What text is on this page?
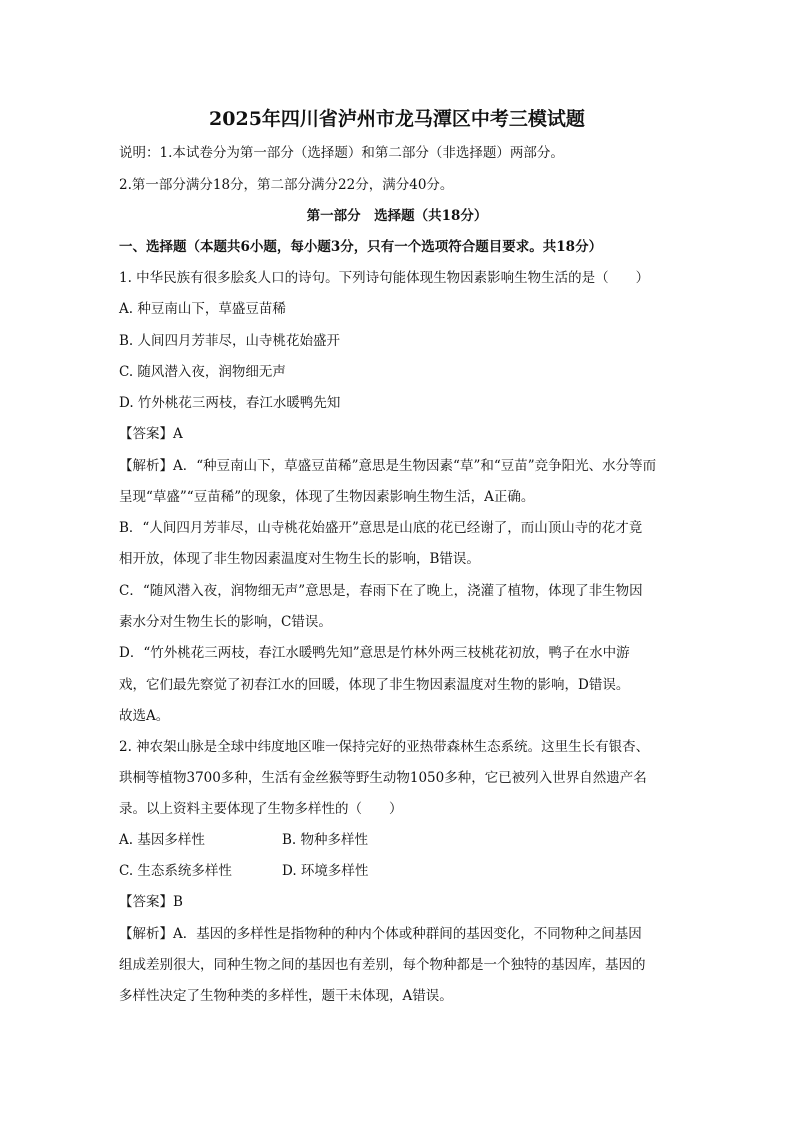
2025年四川省泸州市龙马潭区中考三模试题
说明：1.本试卷分为第一部分（选择题）和第二部分（非选择题）两部分。
2.第一部分满分18分，第二部分满分22分，满分40分。
第一部分　选择题（共18分）
一、选择题（本题共6小题，每小题3分，只有一个选项符合题目要求。共18分）
1. 中华民族有很多脍炙人口的诗句。下列诗句能体现生物因素影响生物生活的是（　　）
A. 种豆南山下，草盛豆苗稀
B. 人间四月芳菲尽，山寺桃花始盛开
C. 随风潜入夜，润物细无声
D. 竹外桃花三两枝，春江水暖鸭先知
【答案】A
【解析】A．“种豆南山下，草盛豆苗稀”意思是生物因素“草”和“豆苗”竞争阳光、水分等而
呈现“草盛”“豆苗稀”的现象，体现了生物因素影响生物生活，A正确。
B．“人间四月芳菲尽，山寺桃花始盛开”意思是山底的花已经谢了，而山顶山寺的花才竟
相开放，体现了非生物因素温度对生物生长的影响，B错误。
C．“随风潜入夜，润物细无声”意思是，春雨下在了晚上，浇灌了植物，体现了非生物因
素水分对生物生长的影响，C错误。
D．“竹外桃花三两枝，春江水暖鸭先知”意思是竹林外两三枝桃花初放，鸭子在水中游
戏，它们最先察觉了初春江水的回暖，体现了非生物因素温度对生物的影响，D错误。
故选A。
2. 神农架山脉是全球中纬度地区唯一保持完好的亚热带森林生态系统。这里生长有银杏、
珙桐等植物3700多种，生活有金丝猴等野生动物1050多种，它已被列入世界自然遗产名
录。以上资料主要体现了生物多样性的（　　）
A. 基因多样性	B. 物种多样性
C. 生态系统多样性	D. 环境多样性
【答案】B
【解析】A．基因的多样性是指物种的种内个体或种群间的基因变化，不同物种之间基因
组成差别很大，同种生物之间的基因也有差别，每个物种都是一个独特的基因库，基因的
多样性决定了生物种类的多样性，题干未体现，A错误。
